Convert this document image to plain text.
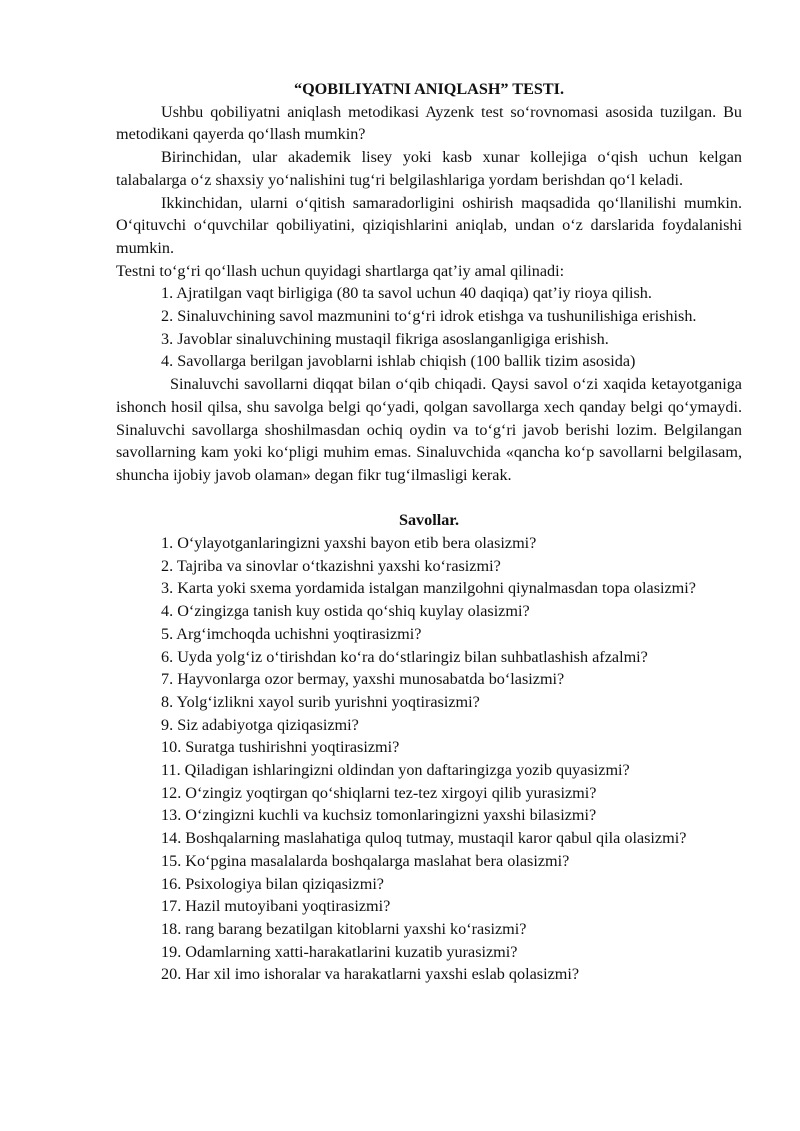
“QOBILIYATNI ANIQLASH” TESTI.

Ushbu qobiliyatni aniqlash metodikasi Ayzenk test so‘rovnomasi asosida tuzilgan. Bu metodikani qayerda qo‘llash mumkin?

Birinchidan, ular akademik lisey yoki kasb xunar kollejiga o‘qish uchun kelgan talabalarga o‘z shaxsiy yo‘nalishini tug‘ri belgilashlariga yordam berishdan qo‘l keladi.

Ikkinchidan, ularni o‘qitish samaradorligini oshirish maqsadida qo‘llanilishi mumkin. O‘qituvchi o‘quvchilar qobiliyatini, qiziqishlarini aniqlab, undan o‘z darslarida foydalanishi mumkin.

Testni to‘g‘ri qo‘llash uchun quyidagi shartlarga qat’iy amal qilinadi:

1. Ajratilgan vaqt birligiga (80 ta savol uchun 40 daqiqa) qat’iy rioya qilish.
2. Sinaluvchining savol mazmunini to‘g‘ri idrok etishga va tushunilishiga erishish.
3. Javoblar sinaluvchining mustaqil fikriga asoslanganligiga erishish.
4. Savollarga berilgan javoblarni ishlab chiqish (100 ballik tizim asosida)

Sinaluvchi savollarni diqqat bilan o‘qib chiqadi. Qaysi savol o‘zi xaqida ketayotganiga ishonch hosil qilsa, shu savolga belgi qo‘yadi, qolgan savollarga xech qanday belgi qo‘ymaydi. Sinaluvchi savollarga shoshilmasdan ochiq oydin va to‘g‘ri javob berishi lozim. Belgilangan savollarning kam yoki ko‘pligi muhim emas. Sinaluvchida «qancha ko‘p savollarni belgilasam, shuncha ijobiy javob olaman» degan fikr tug‘ilmasligi kerak.

Savollar.

1. O‘ylayotganlaringizni yaxshi bayon etib bera olasizmi?
2. Tajriba va sinovlar o‘tkazishni yaxshi ko‘rasizmi?
3. Karta yoki sxema yordamida istalgan manzilgohni qiynalmasdan topa olasizmi?
4. O‘zingizga tanish kuy ostida qo‘shiq kuylay olasizmi?
5. Arg‘imchoqda uchishni yoqtirasizmi?
6. Uyda yolg‘iz o‘tirishdan ko‘ra do‘stlaringiz bilan suhbatlashish afzalmi?
7. Hayvonlarga ozor bermay, yaxshi munosabatda bo‘lasizmi?
8. Yolg‘izlikni xayol surib yurishni yoqtirasizmi?
9. Siz adabiyotga qiziqasizmi?
10. Suratga tushirishni yoqtirasizmi?
11. Qiladigan ishlaringizni oldindan yon daftaringizga yozib quyasizmi?
12. O‘zingiz yoqtirgan qo‘shiqlarni tez-tez xirgoyi qilib yurasizmi?
13. O‘zingizni kuchli va kuchsiz tomonlaringizni yaxshi bilasizmi?
14. Boshqalarning maslahatiga quloq tutmay, mustaqil karor qabul qila olasizmi?
15. Ko‘pgina masalalarda boshqalarga maslahat bera olasizmi?
16. Psixologiya bilan qiziqasizmi?
17. Hazil mutoyibani yoqtirasizmi?
18. rang barang bezatilgan kitoblarni yaxshi ko‘rasizmi?
19. Odamlarning xatti-harakatlarini kuzatib yurasizmi?
20. Har xil imo ishoralar va harakatlarni yaxshi eslab qolasizmi?
